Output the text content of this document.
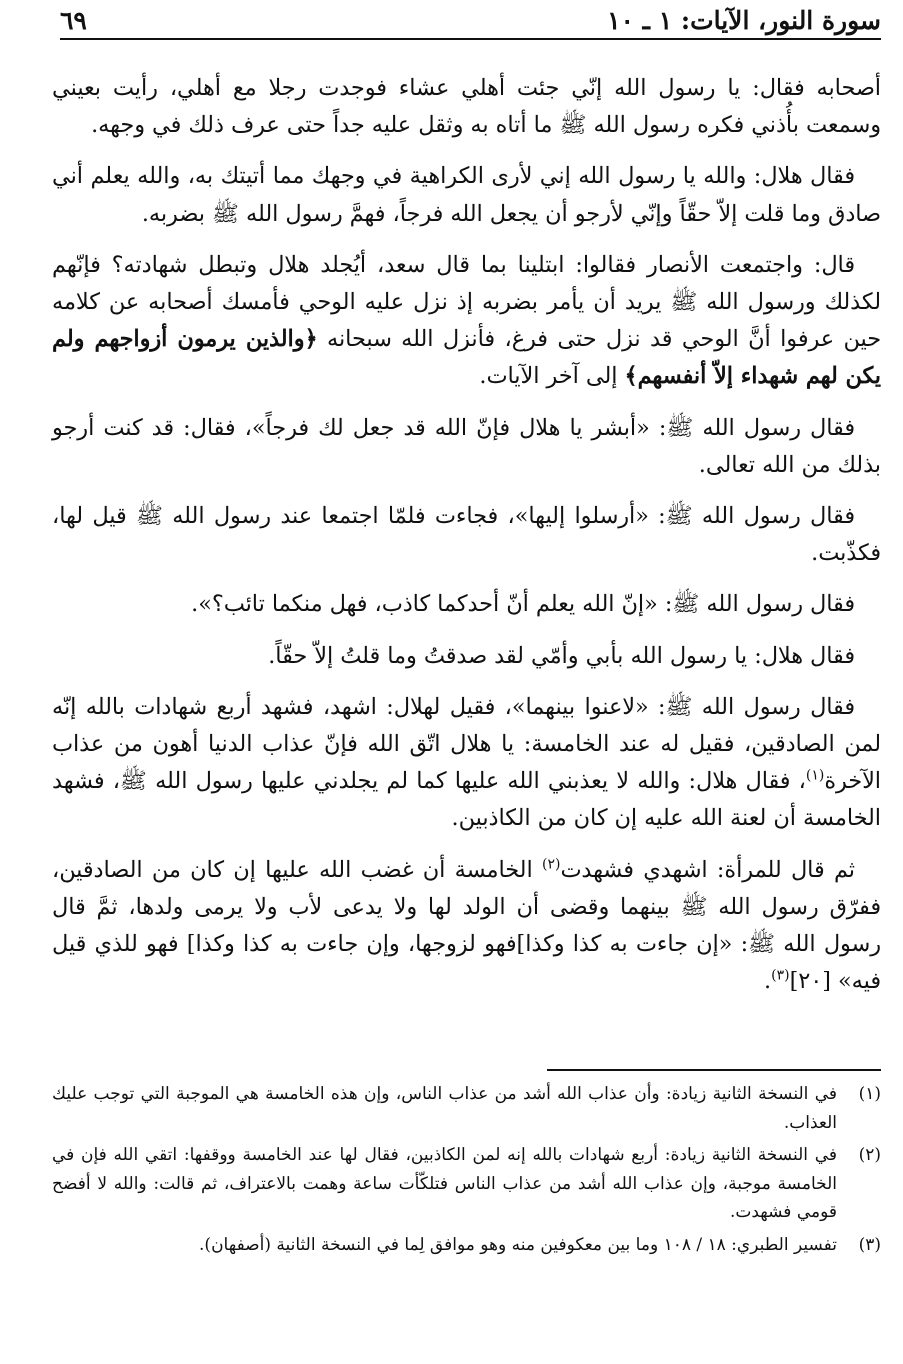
سورة النور، الآيات: ١ ـ ١٠
٦٩

أصحابه فقال: يا رسول الله إنّي جئت أهلي عشاء فوجدت رجلا مع أهلي، رأيت بعيني وسمعت بأُذني فكره رسول الله ﷺ ما أتاه به وثقل عليه جداً حتى عرف ذلك في وجهه.

فقال هلال: والله يا رسول الله إني لأرى الكراهية في وجهك مما أتيتك به، والله يعلم أني صادق وما قلت إلاّ حقّاً وإنّي لأرجو أن يجعل الله فرجاً، فهمَّ رسول الله ﷺ بضربه.

قال: واجتمعت الأنصار فقالوا: ابتلينا بما قال سعد، أيُجلد هلال وتبطل شهادته؟ فإنّهم لكذلك ورسول الله ﷺ يريد أن يأمر بضربه إذ نزل عليه الوحي فأمسك أصحابه عن كلامه حين عرفوا أنَّ الوحي قد نزل حتى فرغ، فأنزل الله سبحانه ﴿والذين يرمون أزواجهم ولم يكن لهم شهداء إلاّ أنفسهم﴾ إلى آخر الآيات.

فقال رسول الله ﷺ: «أبشر يا هلال فإنّ الله قد جعل لك فرجاً»، فقال: قد كنت أرجو بذلك من الله تعالى.

فقال رسول الله ﷺ: «أرسلوا إليها»، فجاءت فلمّا اجتمعا عند رسول الله ﷺ قيل لها، فكذّبت.

فقال رسول الله ﷺ: «إنّ الله يعلم أنّ أحدكما كاذب، فهل منكما تائب؟».

فقال هلال: يا رسول الله بأبي وأمّي لقد صدقتُ وما قلتُ إلاّ حقّاً.

فقال رسول الله ﷺ: «لاعنوا بينهما»، فقيل لهلال: اشهد، فشهد أربع شهادات بالله إنّه لمن الصادقين، فقيل له عند الخامسة: يا هلال اتّق الله فإنّ عذاب الدنيا أهون من عذاب الآخرة$^{(١)}$، فقال هلال: والله لا يعذبني الله عليها كما لم يجلدني عليها رسول الله ﷺ، فشهد الخامسة أن لعنة الله عليه إن كان من الكاذبين.

ثم قال للمرأة: اشهدي فشهدت$^{(٢)}$ الخامسة أن غضب الله عليها إن كان من الصادقين، ففرّق رسول الله ﷺ بينهما وقضى أن الولد لها ولا يدعى لأب ولا يرمى ولدها، ثمَّ قال رسول الله ﷺ: «إن جاءت به كذا وكذا]فهو لزوجها، وإن جاءت به كذا وكذا] فهو للذي قيل فيه» [٢٠]$^{(٣)}$.

(١)
في النسخة الثانية زيادة: وأن عذاب الله أشد من عذاب الناس، وإن هذه الخامسة هي الموجبة التي توجب عليك العذاب.
(٢)
في النسخة الثانية زيادة: أربع شهادات بالله إنه لمن الكاذبين، فقال لها عند الخامسة ووقفها: اتقي الله فإن في الخامسة موجبة، وإن عذاب الله أشد من عذاب الناس فتلكّأت ساعة وهمت بالاعتراف، ثم قالت: والله لا أفضح قومي فشهدت.
(٣)
تفسير الطبري: ١٨ / ١٠٨ وما بين معكوفين منه وهو موافق لِما في النسخة الثانية (أصفهان).
